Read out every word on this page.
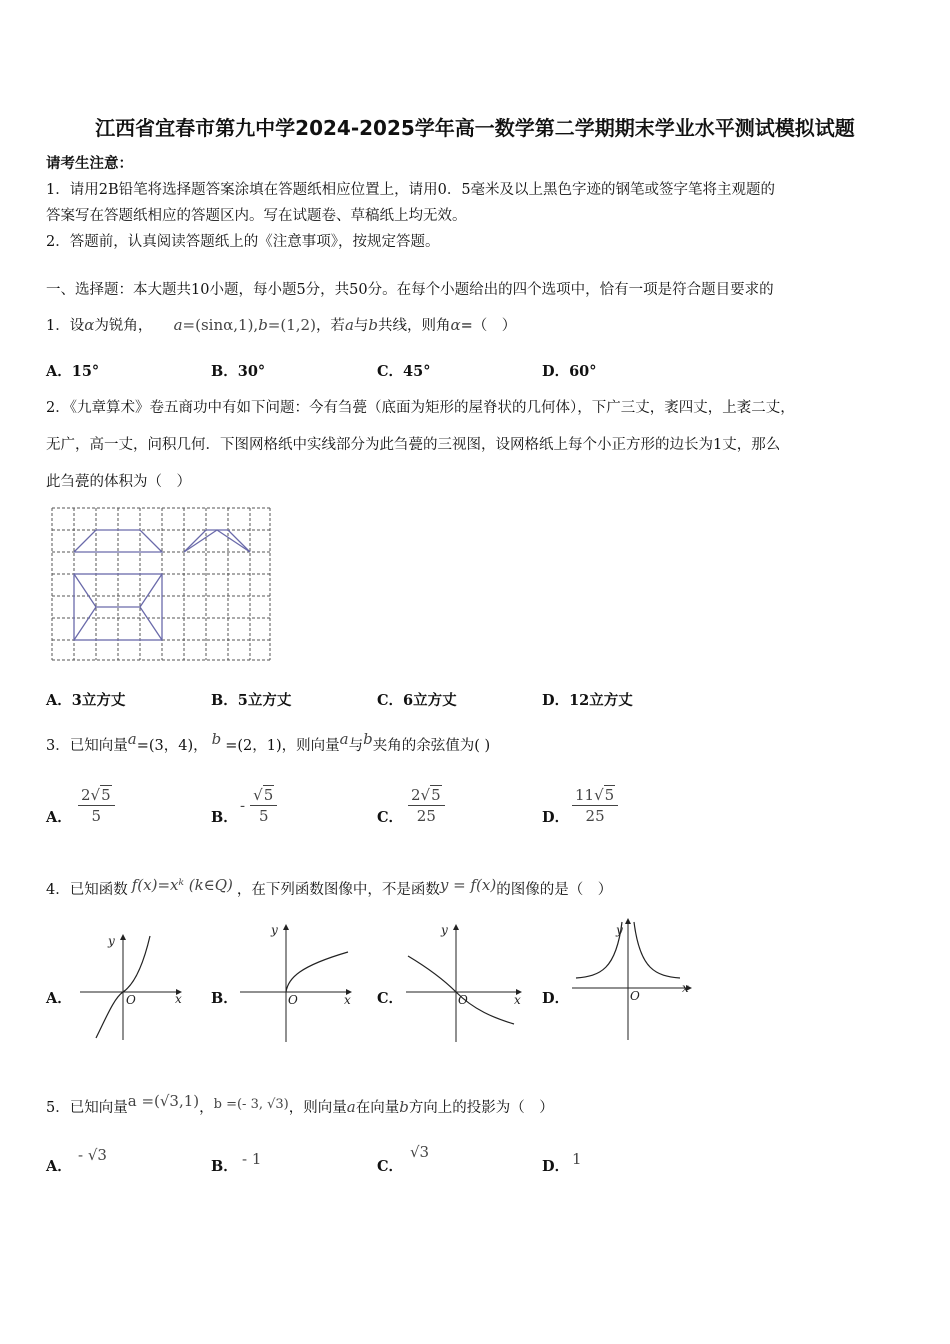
江西省宜春市第九中学2024-2025学年高一数学第二学期期末学业水平测试模拟试题
请考生注意：
1．请用2B铅笔将选择题答案涂填在答题纸相应位置上，请用0．5毫米及以上黑色字迹的钢笔或签字笔将主观题的
答案写在答题纸相应的答题区内。写在试题卷、草稿纸上均无效。
2．答题前，认真阅读答题纸上的《注意事项》，按规定答题。
一、选择题：本大题共10小题，每小题5分，共50分。在每个小题给出的四个选项中，恰有一项是符合题目要求的
1．设α为锐角， a=(sinα,1),b=(1,2)，若a与b共线，则角α=（　）
A．15°	B．30°	C．45°	D．60°
2．《九章算术》卷五商功中有如下问题：今有刍甍（底面为矩形的屋脊状的几何体），下广三丈，袤四丈，上袤二丈，
无广，高一丈，问积几何．下图网格纸中实线部分为此刍甍的三视图，设网格纸上每个小正方形的边长为1丈，那么
此刍甍的体积为（　）
A．3立方丈	B．5立方丈	C．6立方丈	D．12立方丈
3．已知向量a=(3，4)， b =(2，1)，则向量a与b夹角的余弦值为( )
A． $\frac{2√5}{5}$	B．
- $\frac{√5}{5}$	C． $\frac{2√5}{25}$	D． $\frac{11√5}{25}$
4．已知函数 f(x)=xᵏ (k∈Q) ，在下列函数图像中，不是函数y = f(x)的图像的是（　）
A．	x
y
O	B．	x
y
O	C．	x
y
O	D．
x
y
O
5．已知向量a =(√3,1)，b =(- 3, √3)，则向量a在向量b方向上的投影为（　）
A．
- √3
B． - 1	C．
√3
D． 1
